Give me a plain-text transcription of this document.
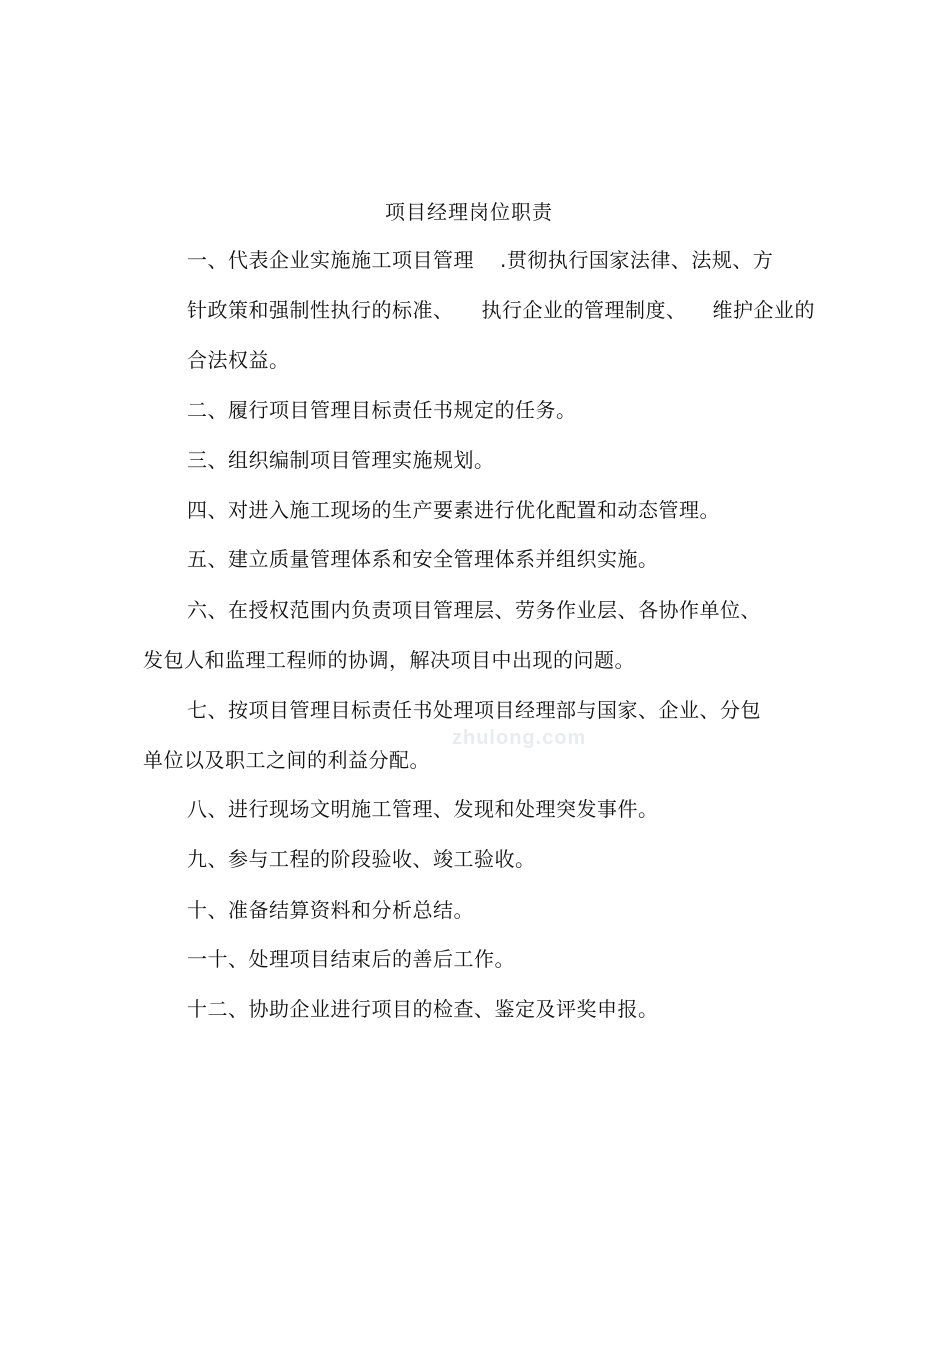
项目经理岗位职责
一、代表企业实施施工项目管理 .贯彻执行国家法律、法规、方
针政策和强制性执行的标准、 执行企业的管理制度、 维护企业的
合法权益。
二、履行项目管理目标责任书规定的任务。
三、组织编制项目管理实施规划。
四、对进入施工现场的生产要素进行优化配置和动态管理。
五、建立质量管理体系和安全管理体系并组织实施。
六、在授权范围内负责项目管理层、劳务作业层、各协作单位、
发包人和监理工程师的协调，解决项目中出现的问题。
七、按项目管理目标责任书处理项目经理部与国家、企业、分包
zhulong.com
单位以及职工之间的利益分配。
八、进行现场文明施工管理、发现和处理突发事件。
九、参与工程的阶段验收、竣工验收。
十、准备结算资料和分析总结。
一十、处理项目结束后的善后工作。
十二、协助企业进行项目的检查、鉴定及评奖申报。
